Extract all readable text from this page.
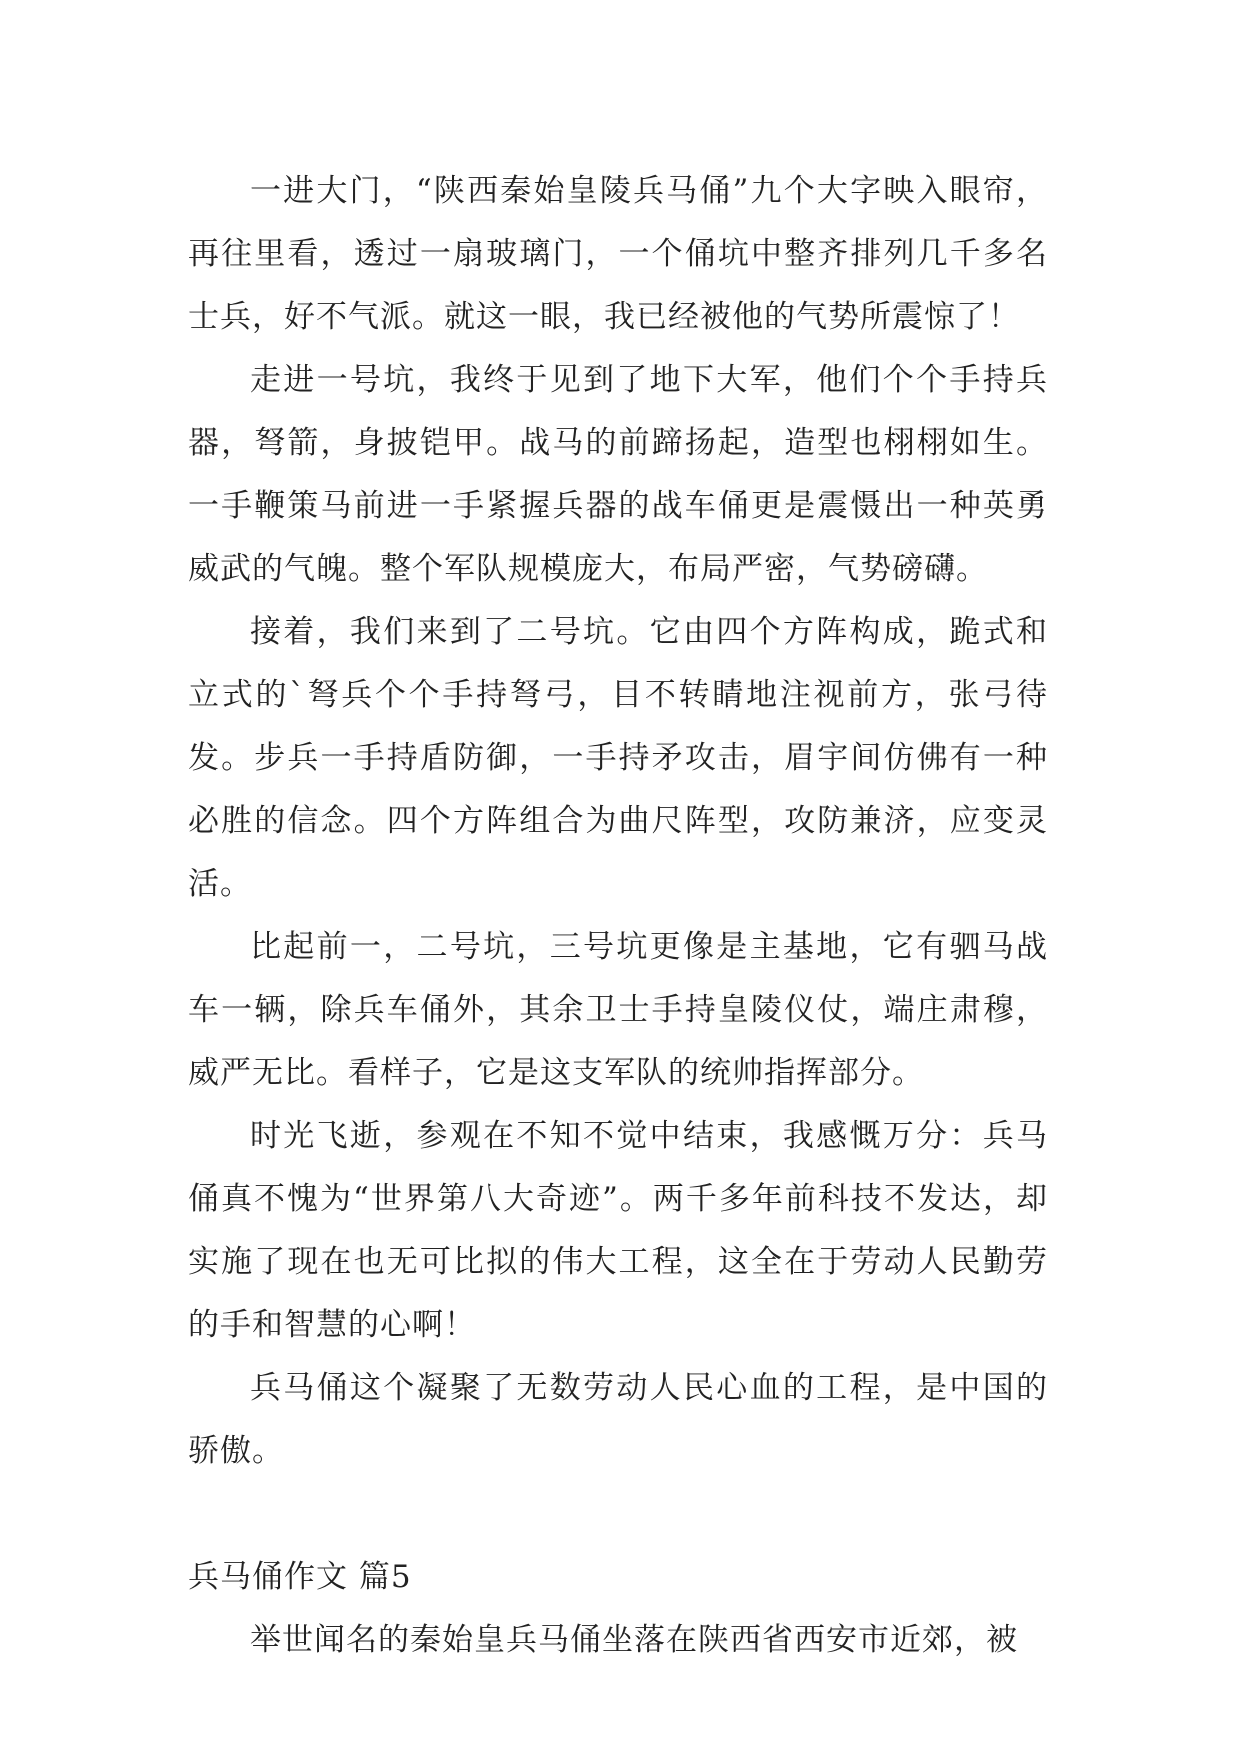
一进大门，“陕西秦始皇陵兵马俑”九个大字映入眼帘，再往里看，透过一扇玻璃门，一个俑坑中整齐排列几千多名士兵，好不气派。就这一眼，我已经被他的气势所震惊了！

走进一号坑，我终于见到了地下大军，他们个个手持兵器，弩箭，身披铠甲。战马的前蹄扬起，造型也栩栩如生。一手鞭策马前进一手紧握兵器的战车俑更是震慑出一种英勇威武的气魄。整个军队规模庞大，布局严密，气势磅礴。

接着，我们来到了二号坑。它由四个方阵构成，跪式和立式的`弩兵个个手持弩弓，目不转睛地注视前方，张弓待发。步兵一手持盾防御，一手持矛攻击，眉宇间仿佛有一种必胜的信念。四个方阵组合为曲尺阵型，攻防兼济，应变灵活。

比起前一，二号坑，三号坑更像是主基地，它有驷马战车一辆，除兵车俑外，其余卫士手持皇陵仪仗，端庄肃穆，威严无比。看样子，它是这支军队的统帅指挥部分。

时光飞逝，参观在不知不觉中结束，我感慨万分：兵马俑真不愧为“世界第八大奇迹”。两千多年前科技不发达，却实施了现在也无可比拟的伟大工程，这全在于劳动人民勤劳的手和智慧的心啊！

兵马俑这个凝聚了无数劳动人民心血的工程，是中国的骄傲。

兵马俑作文 篇5

举世闻名的秦始皇兵马俑坐落在陕西省西安市近郊，被
